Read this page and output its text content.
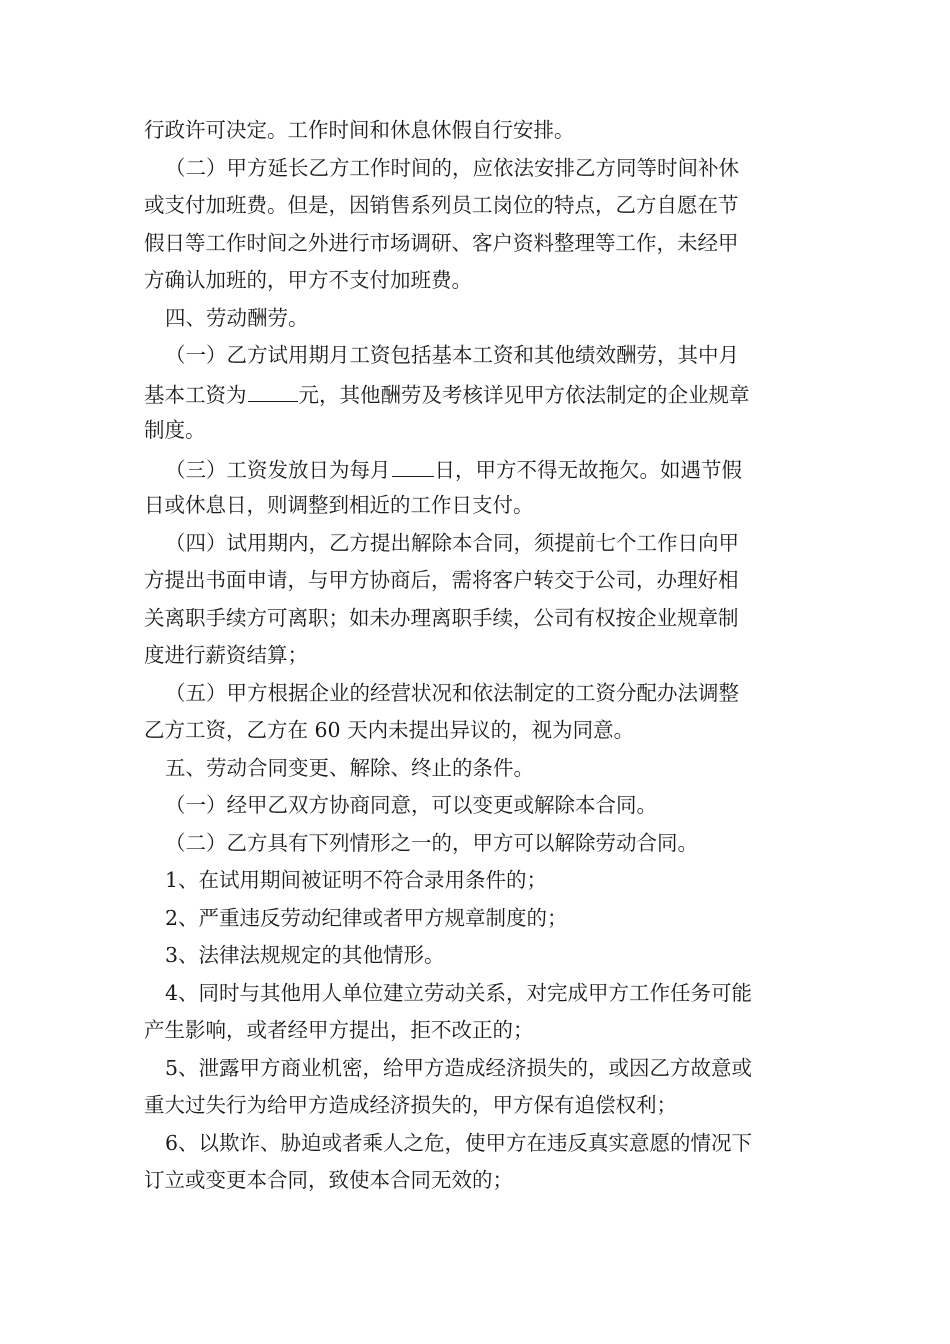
行政许可决定。工作时间和休息休假自行安排。
（二）甲方延长乙方工作时间的，应依法安排乙方同等时间补休
或支付加班费。但是，因销售系列员工岗位的特点，乙方自愿在节
假日等工作时间之外进行市场调研、客户资料整理等工作，未经甲
方确认加班的，甲方不支付加班费。
四、劳动酬劳。
（一）乙方试用期月工资包括基本工资和其他绩效酬劳，其中月
基本工资为	元，其他酬劳及考核详见甲方依法制定的企业规章
制度。
（三）工资发放日为每月 日，甲方不得无故拖欠。如遇节假
日或休息日，则调整到相近的工作日支付。
（四）试用期内，乙方提出解除本合同，须提前七个工作日向甲
方提出书面申请，与甲方协商后，需将客户转交于公司，办理好相
关离职手续方可离职；如未办理离职手续，公司有权按企业规章制
度进行薪资结算；
（五）甲方根据企业的经营状况和依法制定的工资分配办法调整
乙方工资，乙方在 60 天内未提出异议的，视为同意。
五、劳动合同变更、解除、终止的条件。
（一）经甲乙双方协商同意，可以变更或解除本合同。
（二）乙方具有下列情形之一的，甲方可以解除劳动合同。
1、在试用期间被证明不符合录用条件的；
2、严重违反劳动纪律或者甲方规章制度的；
3、法律法规规定的其他情形。
4、同时与其他用人单位建立劳动关系，对完成甲方工作任务可能
产生影响，或者经甲方提出，拒不改正的；
5、泄露甲方商业机密，给甲方造成经济损失的，或因乙方故意或
重大过失行为给甲方造成经济损失的，甲方保有追偿权利；
6、以欺诈、胁迫或者乘人之危，使甲方在违反真实意愿的情况下
订立或变更本合同，致使本合同无效的；
